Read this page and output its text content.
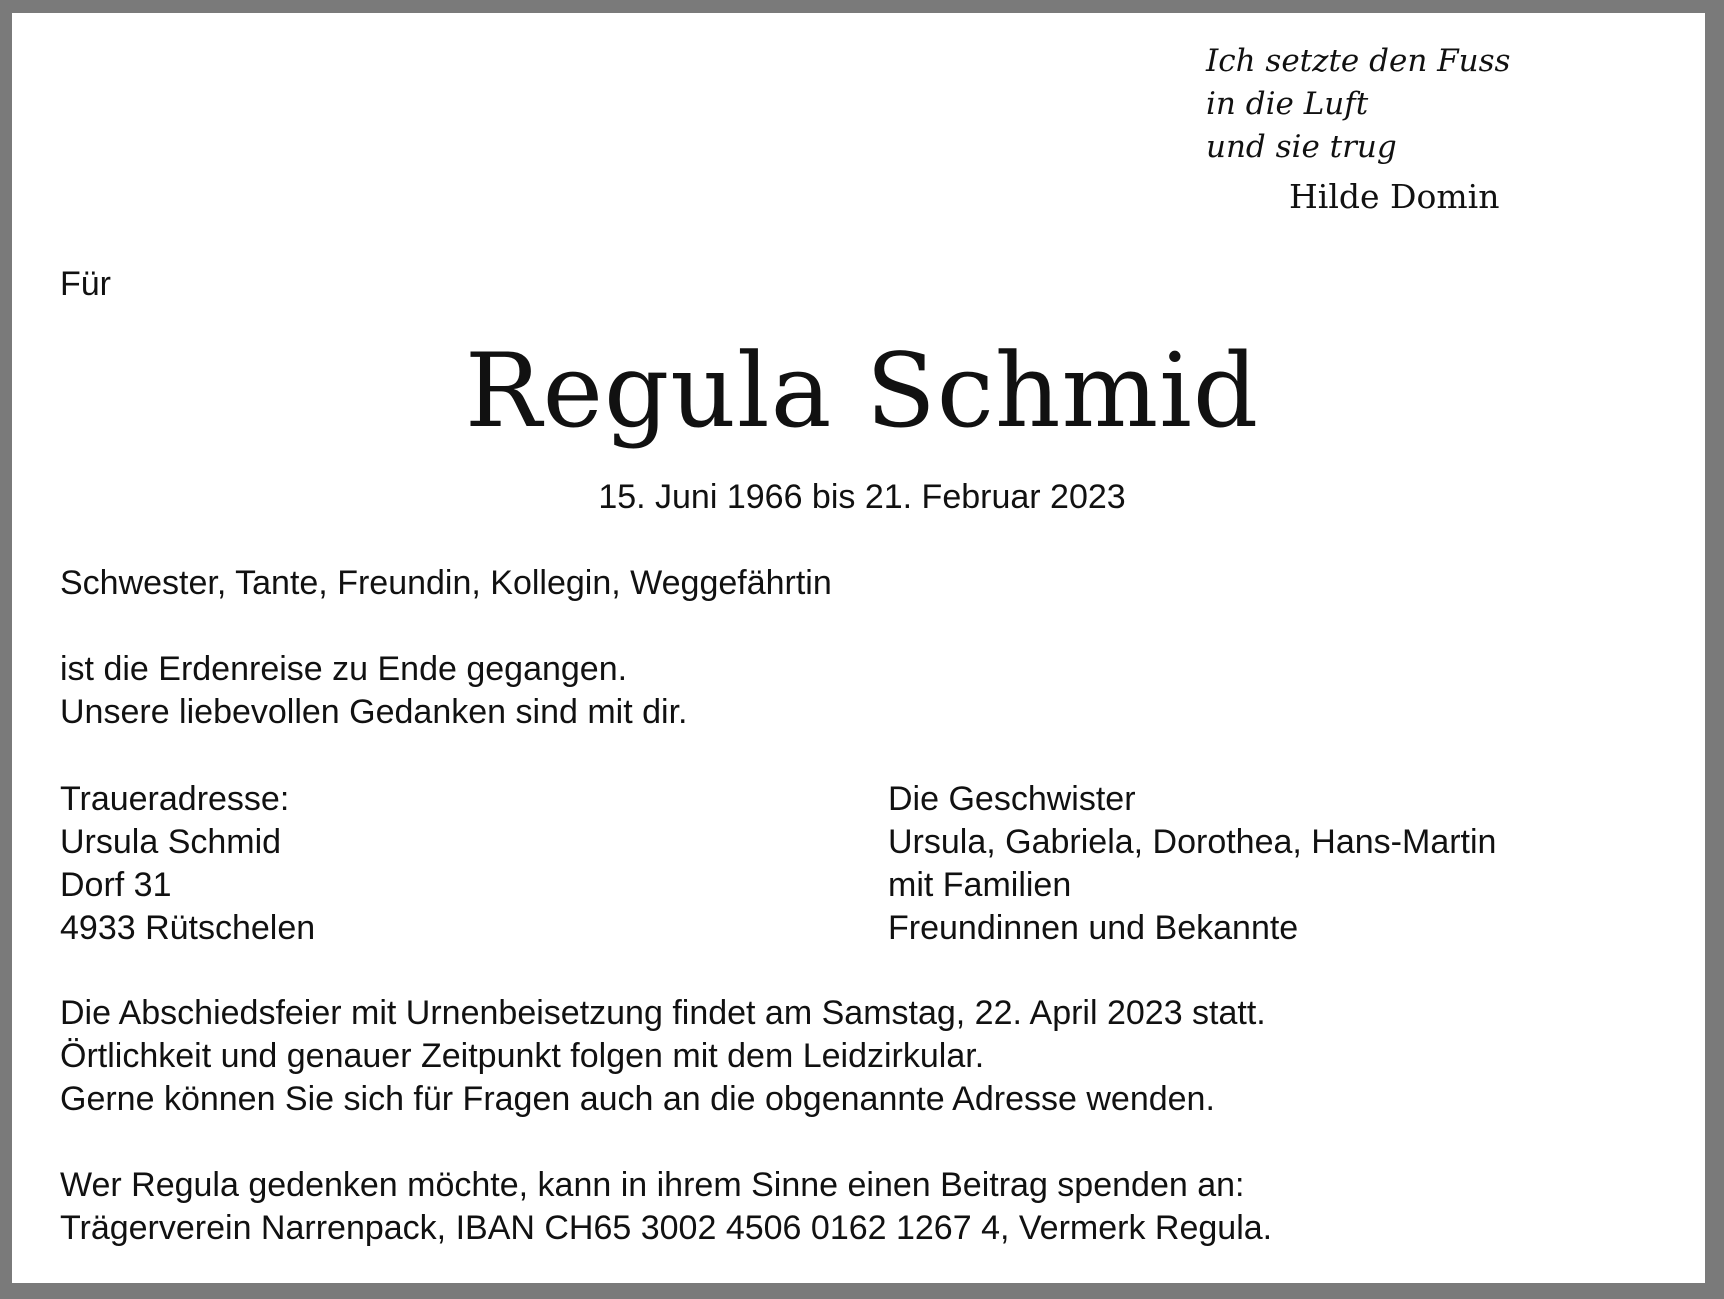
Ich setzte den Fuss
in die Luft
und sie trug
Hilde Domin
Für
Regula Schmid
15. Juni 1966 bis 21. Februar 2023
Schwester, Tante, Freundin, Kollegin, Weggefährtin
ist die Erdenreise zu Ende gegangen.
Unsere liebevollen Gedanken sind mit dir.
Traueradresse:
Ursula Schmid
Dorf 31
4933 Rütschelen
Die Geschwister
Ursula, Gabriela, Dorothea, Hans-Martin
mit Familien
Freundinnen und Bekannte
Die Abschiedsfeier mit Urnenbeisetzung findet am Samstag, 22. April 2023 statt.
Örtlichkeit und genauer Zeitpunkt folgen mit dem Leidzirkular.
Gerne können Sie sich für Fragen auch an die obgenannte Adresse wenden.
Wer Regula gedenken möchte, kann in ihrem Sinne einen Beitrag spenden an:
Trägerverein Narrenpack, IBAN CH65 3002 4506 0162 1267 4, Vermerk Regula.
